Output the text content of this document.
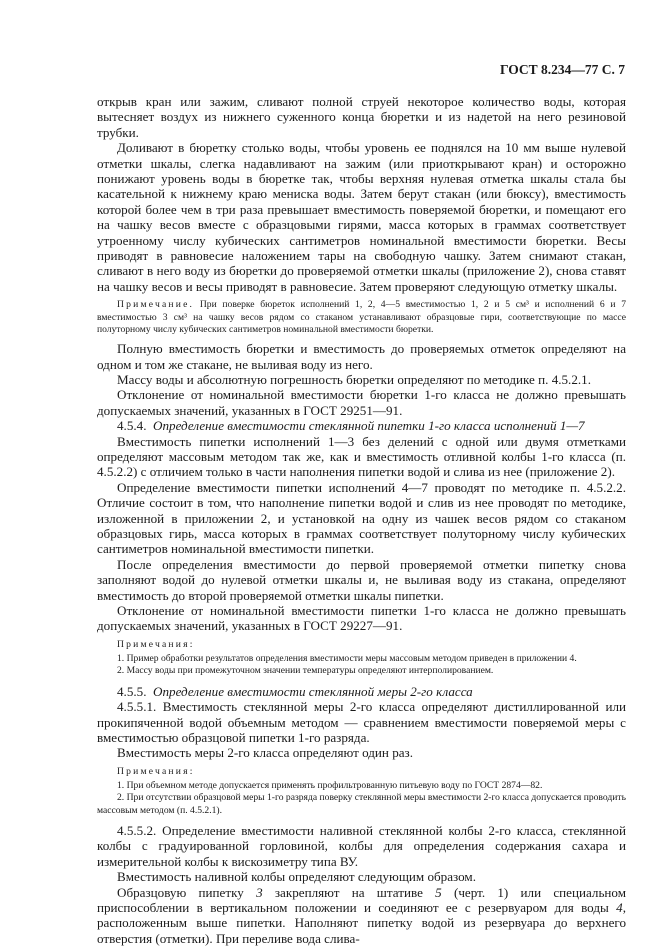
ГОСТ 8.234—77 С. 7

открыв кран или зажим, сливают полной струей некоторое количество воды, которая вытесняет воздух из нижнего суженного конца бюретки и из надетой на него резиновой трубки.

Доливают в бюретку столько воды, чтобы уровень ее поднялся на 10 мм выше нулевой отметки шкалы, слегка надавливают на зажим (или приоткрывают кран) и осторожно понижают уровень воды в бюретке так, чтобы верхняя нулевая отметка шкалы стала бы касательной к нижнему краю мениска воды. Затем берут стакан (или бюксу), вместимость которой более чем в три раза превышает вместимость поверяемой бюретки, и помещают его на чашку весов вместе с образцовыми гирями, масса которых в граммах соответствует утроенному числу кубических сантиметров номинальной вместимости бюретки. Весы приводят в равновесие наложением тары на свободную чашку. Затем снимают стакан, сливают в него воду из бюретки до проверяемой отметки шкалы (приложение 2), снова ставят на чашку весов и весы приводят в равновесие. Затем проверяют следующую отметку шкалы.

Примечание. При поверке бюреток исполнений 1, 2, 4—5 вместимостью 1, 2 и 5 см³ и исполнений 6 и 7 вместимостью 3 см³ на чашку весов рядом со стаканом устанавливают образцовые гири, соответствующие по массе полуторному числу кубических сантиметров номинальной вместимости бюретки.

Полную вместимость бюретки и вместимость до проверяемых отметок определяют на одном и том же стакане, не выливая воду из него.

Массу воды и абсолютную погрешность бюретки определяют по методике п. 4.5.2.1.

Отклонение от номинальной вместимости бюретки 1-го класса не должно превышать допускаемых значений, указанных в ГОСТ 29251—91.

4.5.4. Определение вместимости стеклянной пипетки 1-го класса исполнений 1—7

Вместимость пипетки исполнений 1—3 без делений с одной или двумя отметками определяют массовым методом так же, как и вместимость отливной колбы 1-го класса (п. 4.5.2.2) с отличием только в части наполнения пипетки водой и слива из нее (приложение 2).

Определение вместимости пипетки исполнений 4—7 проводят по методике п. 4.5.2.2. Отличие состоит в том, что наполнение пипетки водой и слив из нее проводят по методике, изложенной в приложении 2, и установкой на одну из чашек весов рядом со стаканом образцовых гирь, масса которых в граммах соответствует полуторному числу кубических сантиметров номинальной вместимости пипетки.

После определения вместимости до первой проверяемой отметки пипетку снова заполняют водой до нулевой отметки шкалы и, не выливая воду из стакана, определяют вместимость до второй проверяемой отметки шкалы пипетки.

Отклонение от номинальной вместимости пипетки 1-го класса не должно превышать допускаемых значений, указанных в ГОСТ 29227—91.

Примечания:
1. Пример обработки результатов определения вместимости меры массовым методом приведен в приложении 4.
2. Массу воды при промежуточном значении температуры определяют интерполированием.

4.5.5. Определение вместимости стеклянной меры 2-го класса

4.5.5.1. Вместимость стеклянной меры 2-го класса определяют дистиллированной или прокипяченной водой объемным методом — сравнением вместимости поверяемой меры с вместимостью образцовой пипетки 1-го разряда.

Вместимость меры 2-го класса определяют один раз.

Примечания:
1. При объемном методе допускается применять профильтрованную питьевую воду по ГОСТ 2874—82.
2. При отсутствии образцовой меры 1-го разряда поверку стеклянной меры вместимости 2-го класса допускается проводить массовым методом (п. 4.5.2.1).

4.5.5.2. Определение вместимости наливной стеклянной колбы 2-го класса, стеклянной колбы с градуированной горловиной, колбы для определения содержания сахара и измерительной колбы к вискозиметру типа ВУ.

Вместимость наливной колбы определяют следующим образом.

Образцовую пипетку 3 закрепляют на штативе 5 (черт. 1) или специальном приспособлении в вертикальном положении и соединяют ее с резервуаром для воды 4, расположенным выше пипетки. Наполняют пипетку водой из резервуара до верхнего отверстия (отметки). При переливе вода слива-
